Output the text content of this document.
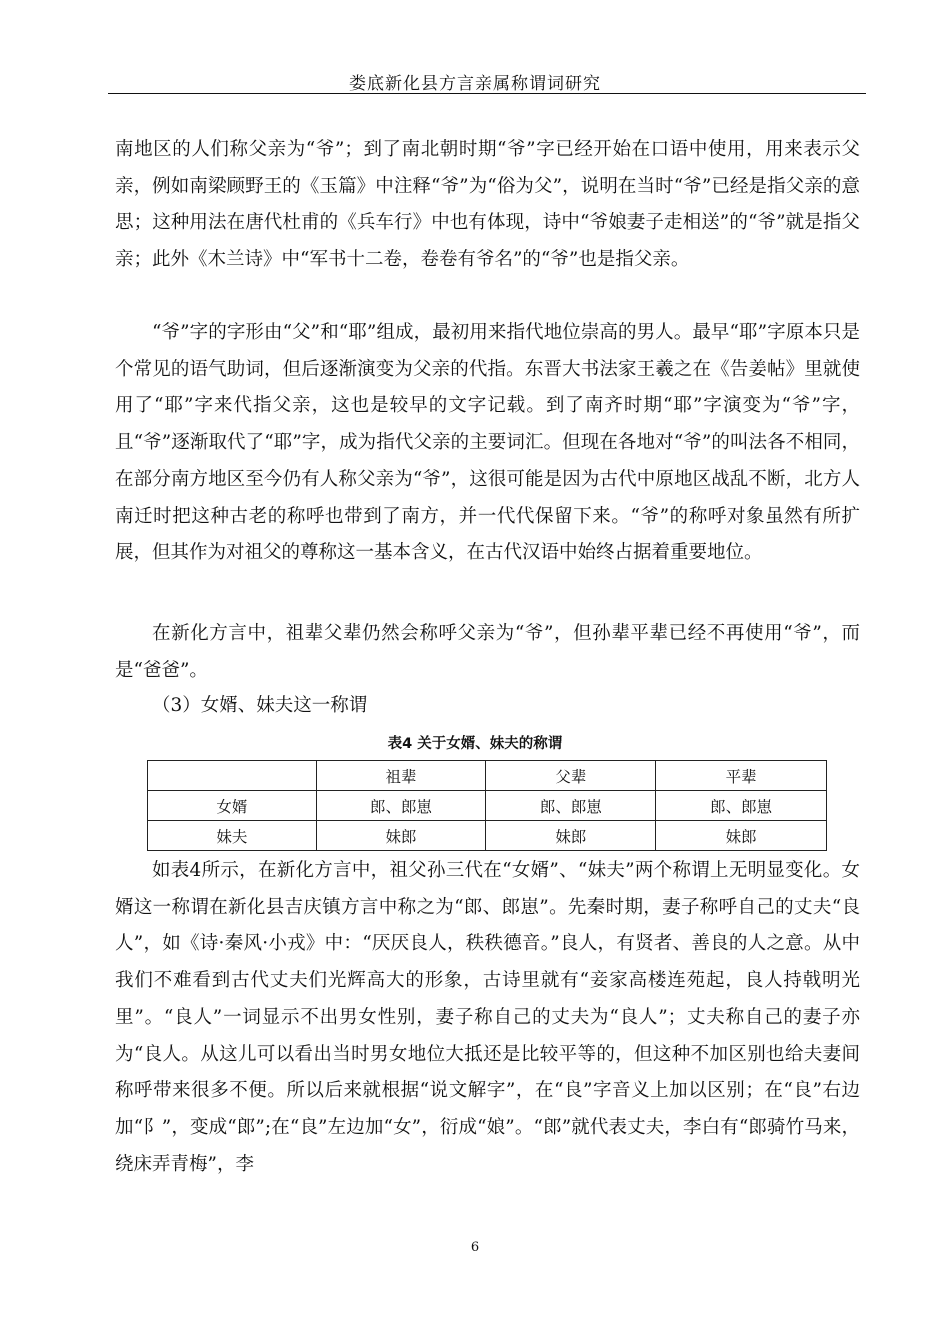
娄底新化县方言亲属称谓词研究

南地区的人们称父亲为“爷”；到了南北朝时期“爷”字已经开始在口语中使用，用来表示父亲，例如南梁顾野王的《玉篇》中注释“爷”为“俗为父”，说明在当时“爷”已经是指父亲的意思；这种用法在唐代杜甫的《兵车行》中也有体现，诗中“爷娘妻子走相送”的“爷”就是指父亲；此外《木兰诗》中“军书十二卷，卷卷有爷名”的“爷”也是指父亲。

“爷”字的字形由“父”和“耶”组成，最初用来指代地位崇高的男人。最早“耶”字原本只是个常见的语气助词，但后逐渐演变为父亲的代指。东晋大书法家王羲之在《告姜帖》里就使用了“耶”字来代指父亲，这也是较早的文字记载。到了南齐时期“耶”字演变为“爷”字，且“爷”逐渐取代了“耶”字，成为指代父亲的主要词汇。但现在各地对“爷”的叫法各不相同，在部分南方地区至今仍有人称父亲为“爷”，这很可能是因为古代中原地区战乱不断，北方人南迁时把这种古老的称呼也带到了南方，并一代代保留下来。“爷”的称呼对象虽然有所扩展，但其作为对祖父的尊称这一基本含义，在古代汉语中始终占据着重要地位。

在新化方言中，祖辈父辈仍然会称呼父亲为“爷”，但孙辈平辈已经不再使用“爷”，而是“爸爸”。

（3）女婿、妹夫这一称谓
表4 关于女婿、妹夫的称谓
	祖辈	父辈	平辈
女婿	郎、郎崽	郎、郎崽	郎、郎崽
妹夫	妹郎	妹郎	妹郎

如表4所示，在新化方言中，祖父孙三代在“女婿”、“妹夫”两个称谓上无明显变化。女婿这一称谓在新化县吉庆镇方言中称之为“郎、郎崽”。先秦时期，妻子称呼自己的丈夫“良人”，如《诗·秦风·小戎》中：“厌厌良人，秩秩德音。”良人，有贤者、善良的人之意。从中我们不难看到古代丈夫们光辉高大的形象，古诗里就有“妾家高楼连苑起，良人持戟明光里”。“良人”一词显示不出男女性别，妻子称自己的丈夫为“良人”；丈夫称自己的妻子亦为“良人。从这儿可以看出当时男女地位大抵还是比较平等的，但这种不加区别也给夫妻间称呼带来很多不便。所以后来就根据“说文解字”，在“良”字音义上加以区别；在“良”右边加“阝”，变成“郎”;在“良”左边加“女”，衍成“娘”。“郎”就代表丈夫，李白有“郎骑竹马来，绕床弄青梅”，李

6
